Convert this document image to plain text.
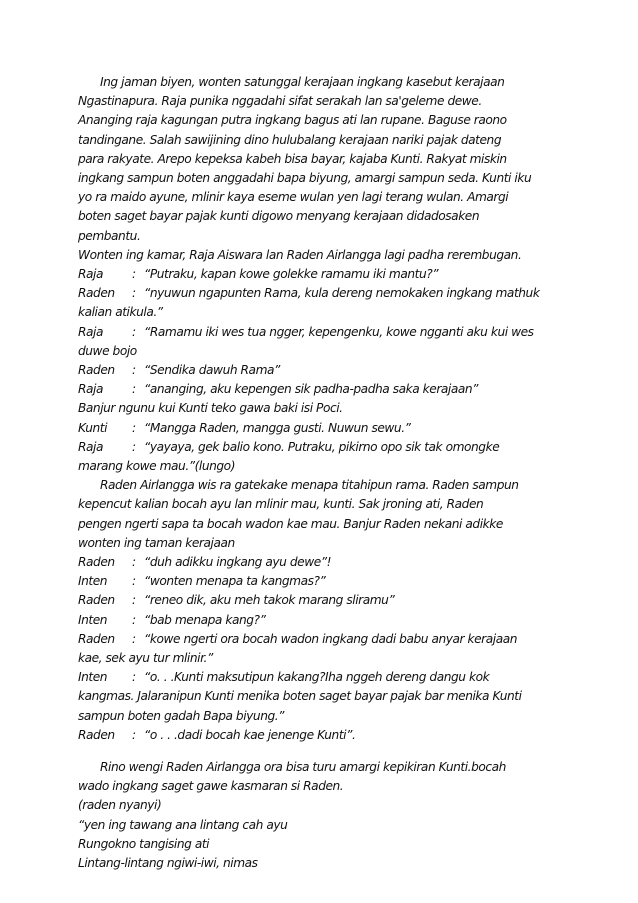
Ing jaman biyen, wonten satunggal kerajaan ingkang kasebut kerajaan
Ngastinapura. Raja punika nggadahi sifat serakah lan sa'geleme dewe.
Ananging raja kagungan putra ingkang bagus ati lan rupane. Baguse raono
tandingane. Salah sawijining dino hulubalang kerajaan nariki pajak dateng
para rakyate. Arepo kepeksa kabeh bisa bayar, kajaba Kunti. Rakyat miskin
ingkang sampun boten anggadahi bapa biyung, amargi sampun seda. Kunti iku
yo ra maido ayune, mlinir kaya eseme wulan yen lagi terang wulan. Amargi
boten saget bayar pajak kunti digowo menyang kerajaan didadosaken
pembantu.
Wonten ing kamar, Raja Aiswara lan Raden Airlangga lagi padha rerembugan.
Raja : “Putraku, kapan kowe golekke ramamu iki mantu?”
Raden : “nyuwun ngapunten Rama, kula dereng nemokaken ingkang mathuk
kalian atikula.”
Raja : “Ramamu iki wes tua ngger, kepengenku, kowe ngganti aku kui wes
duwe bojo
Raden : “Sendika dawuh Rama”
Raja : “ananging, aku kepengen sik padha-padha saka kerajaan”
Banjur ngunu kui Kunti teko gawa baki isi Poci.
Kunti : “Mangga Raden, mangga gusti. Nuwun sewu.”
Raja : “yayaya, gek balio kono. Putraku, pikirno opo sik tak omongke
marang kowe mau.”(lungo)
Raden Airlangga wis ra gatekake menapa titahipun rama. Raden sampun
kepencut kalian bocah ayu lan mlinir mau, kunti. Sak jroning ati, Raden
pengen ngerti sapa ta bocah wadon kae mau. Banjur Raden nekani adikke
wonten ing taman kerajaan
Raden : “duh adikku ingkang ayu dewe”!
Inten : “wonten menapa ta kangmas?”
Raden : “reneo dik, aku meh takok marang sliramu”
Inten : “bab menapa kang?”
Raden : “kowe ngerti ora bocah wadon ingkang dadi babu anyar kerajaan
kae, sek ayu tur mlinir.”
Inten : “o. . .Kunti maksutipun kakang?Iha nggeh dereng dangu kok
kangmas. Jalaranipun Kunti menika boten saget bayar pajak bar menika Kunti
sampun boten gadah Bapa biyung.”
Raden : “o . . .dadi bocah kae jenenge Kunti”.
Rino wengi Raden Airlangga ora bisa turu amargi kepikiran Kunti.bocah
wado ingkang saget gawe kasmaran si Raden.
(raden nyanyi)
“yen ing tawang ana lintang cah ayu
Rungokno tangising ati
Lintang-lintang ngiwi-iwi, nimas
